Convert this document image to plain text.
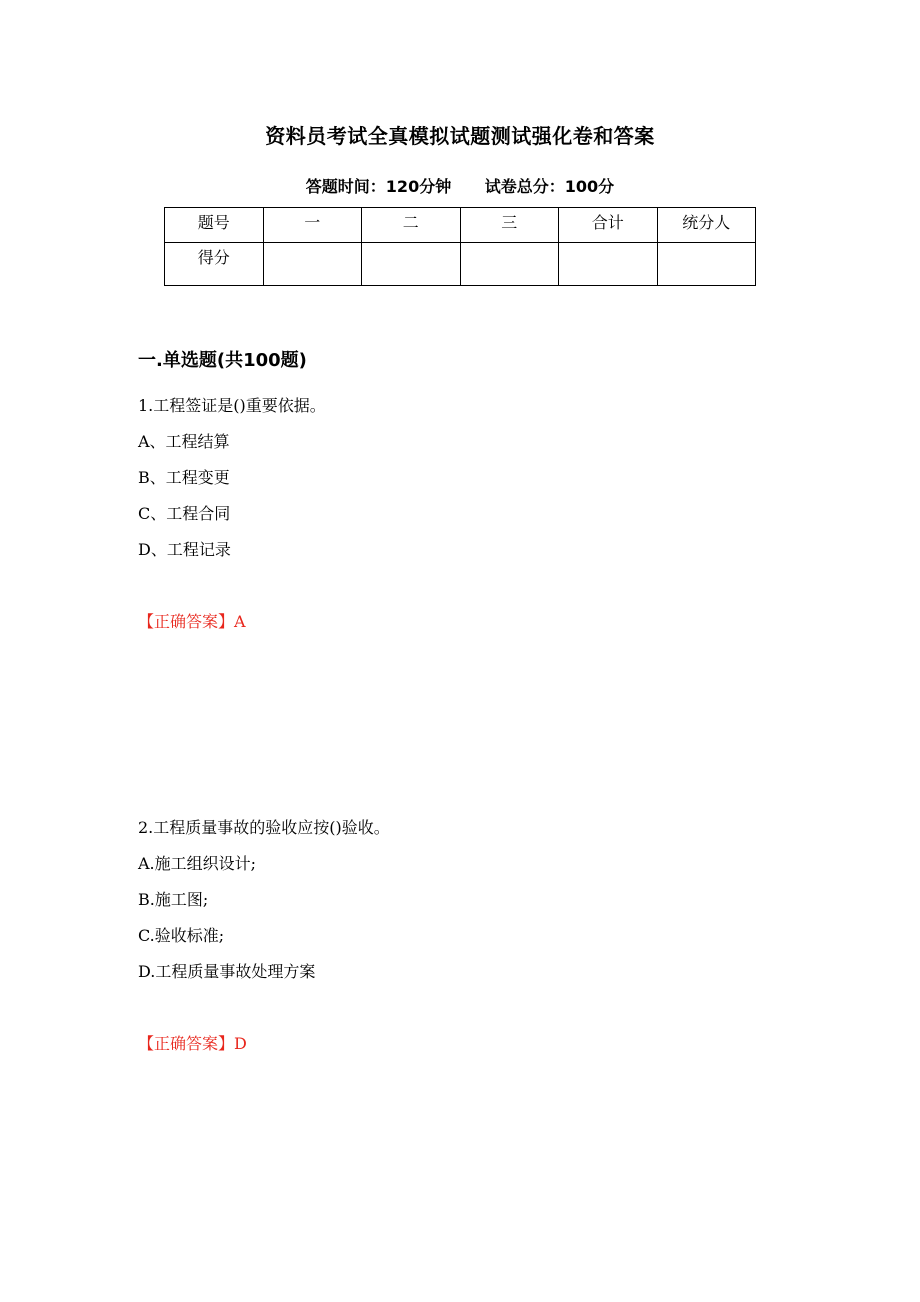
资料员考试全真模拟试题测试强化卷和答案
答题时间：120分钟 试卷总分：100分
题号	一	二	三	合计	统分人
得分					
一.单选题(共100题)
1.工程签证是()重要依据。
A、工程结算
B、工程变更
C、工程合同
D、工程记录
【正确答案】A
2.工程质量事故的验收应按()验收。
A.施工组织设计;
B.施工图;
C.验收标准;
D.工程质量事故处理方案
【正确答案】D
